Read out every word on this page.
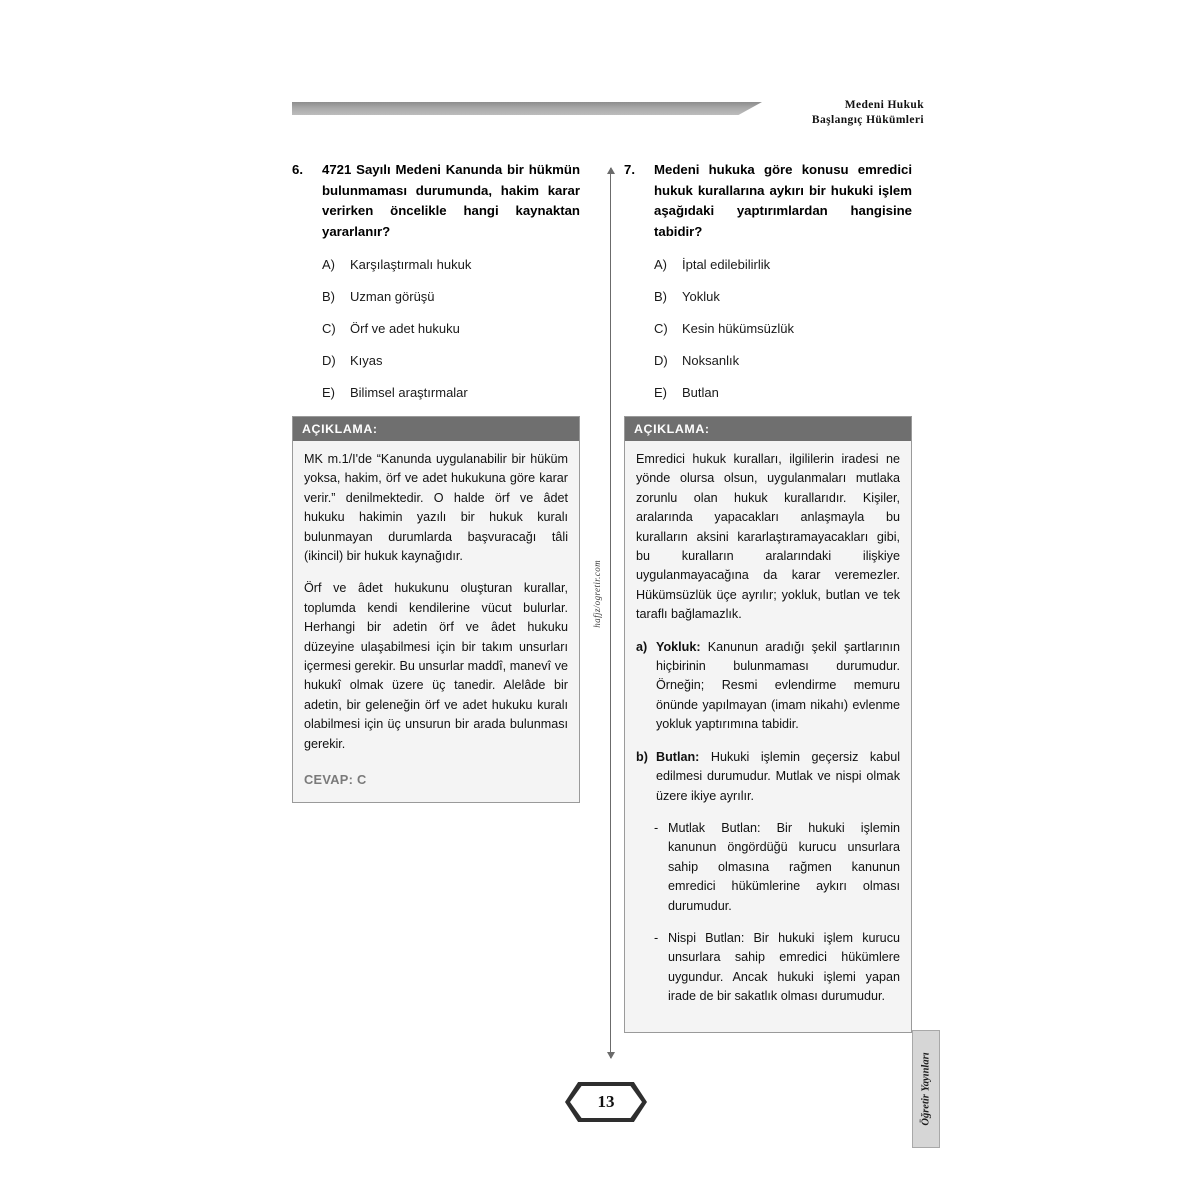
Medeni Hukuk
Başlangıç Hükümleri
6.	4721 Sayılı Medeni Kanunda bir hükmün bulunmaması durumunda, hakim karar verirken öncelikle hangi kaynaktan yararlanır?
A)	Karşılaştırmalı hukuk
B)	Uzman görüşü
C)	Örf ve adet hukuku
D)	Kıyas
E)	Bilimsel araştırmalar
AÇIKLAMA:

MK m.1/I'de “Kanunda uygulanabilir bir hüküm yoksa, hakim, örf ve adet hukukuna göre karar verir.” denilmektedir. O halde örf ve âdet hukuku hakimin yazılı bir hukuk kuralı bulunmayan durumlarda başvuracağı tâli (ikincil) bir hukuk kaynağıdır.

Örf ve âdet hukukunu oluşturan kurallar, toplumda kendi kendilerine vücut bulurlar. Herhangi bir adetin örf ve âdet hukuku düzeyine ulaşabilmesi için bir takım unsurları içermesi gerekir. Bu unsurlar maddî, manevî ve hukukî olmak üzere üç tanedir. Alelâde bir adetin, bir geleneğin örf ve adet hukuku kuralı olabilmesi için üç unsurun bir arada bulunması gerekir.

CEVAP: C
7.	Medeni hukuka göre konusu emredici hukuk kurallarına aykırı bir hukuki işlem aşağıdaki yaptırımlardan hangisine tabidir?
A)	İptal edilebilirlik
B)	Yokluk
C)	Kesin hükümsüzlük
D)	Noksanlık
E)	Butlan
AÇIKLAMA:

Emredici hukuk kuralları, ilgililerin iradesi ne yönde olursa olsun, uygulanmaları mutlaka zorunlu olan hukuk kurallarıdır. Kişiler, aralarında yapacakları anlaşmayla bu kuralların aksini kararlaştıramayacakları gibi, bu kuralların aralarındaki ilişkiye uygulanmayacağına da karar veremezler. Hükümsüzlük üçe ayrılır; yokluk, butlan ve tek taraflı bağlamazlık.

a) Yokluk: Kanunun aradığı şekil şartlarının hiçbirinin bulunmaması durumudur. Örneğin; Resmi evlendirme memuru önünde yapılmayan (imam nikahı) evlenme yokluk yaptırımına tabidir.
b) Butlan: Hukuki işlemin geçersiz kabul edilmesi durumudur. Mutlak ve nispi olmak üzere ikiye ayrılır.
- Mutlak Butlan: Bir hukuki işlemin kanunun öngördüğü kurucu unsurlara sahip olmasına rağmen kanunun emredici hükümlerine aykırı olması durumudur.
- Nispi Butlan: Bir hukuki işlem kurucu unsurlara sahip emredici hükümlere uygundur. Ancak hukuki işlemi yapan irade de bir sakatlık olması durumudur.
hafjz/ogretir.com
13	Öğretir Yayınları
